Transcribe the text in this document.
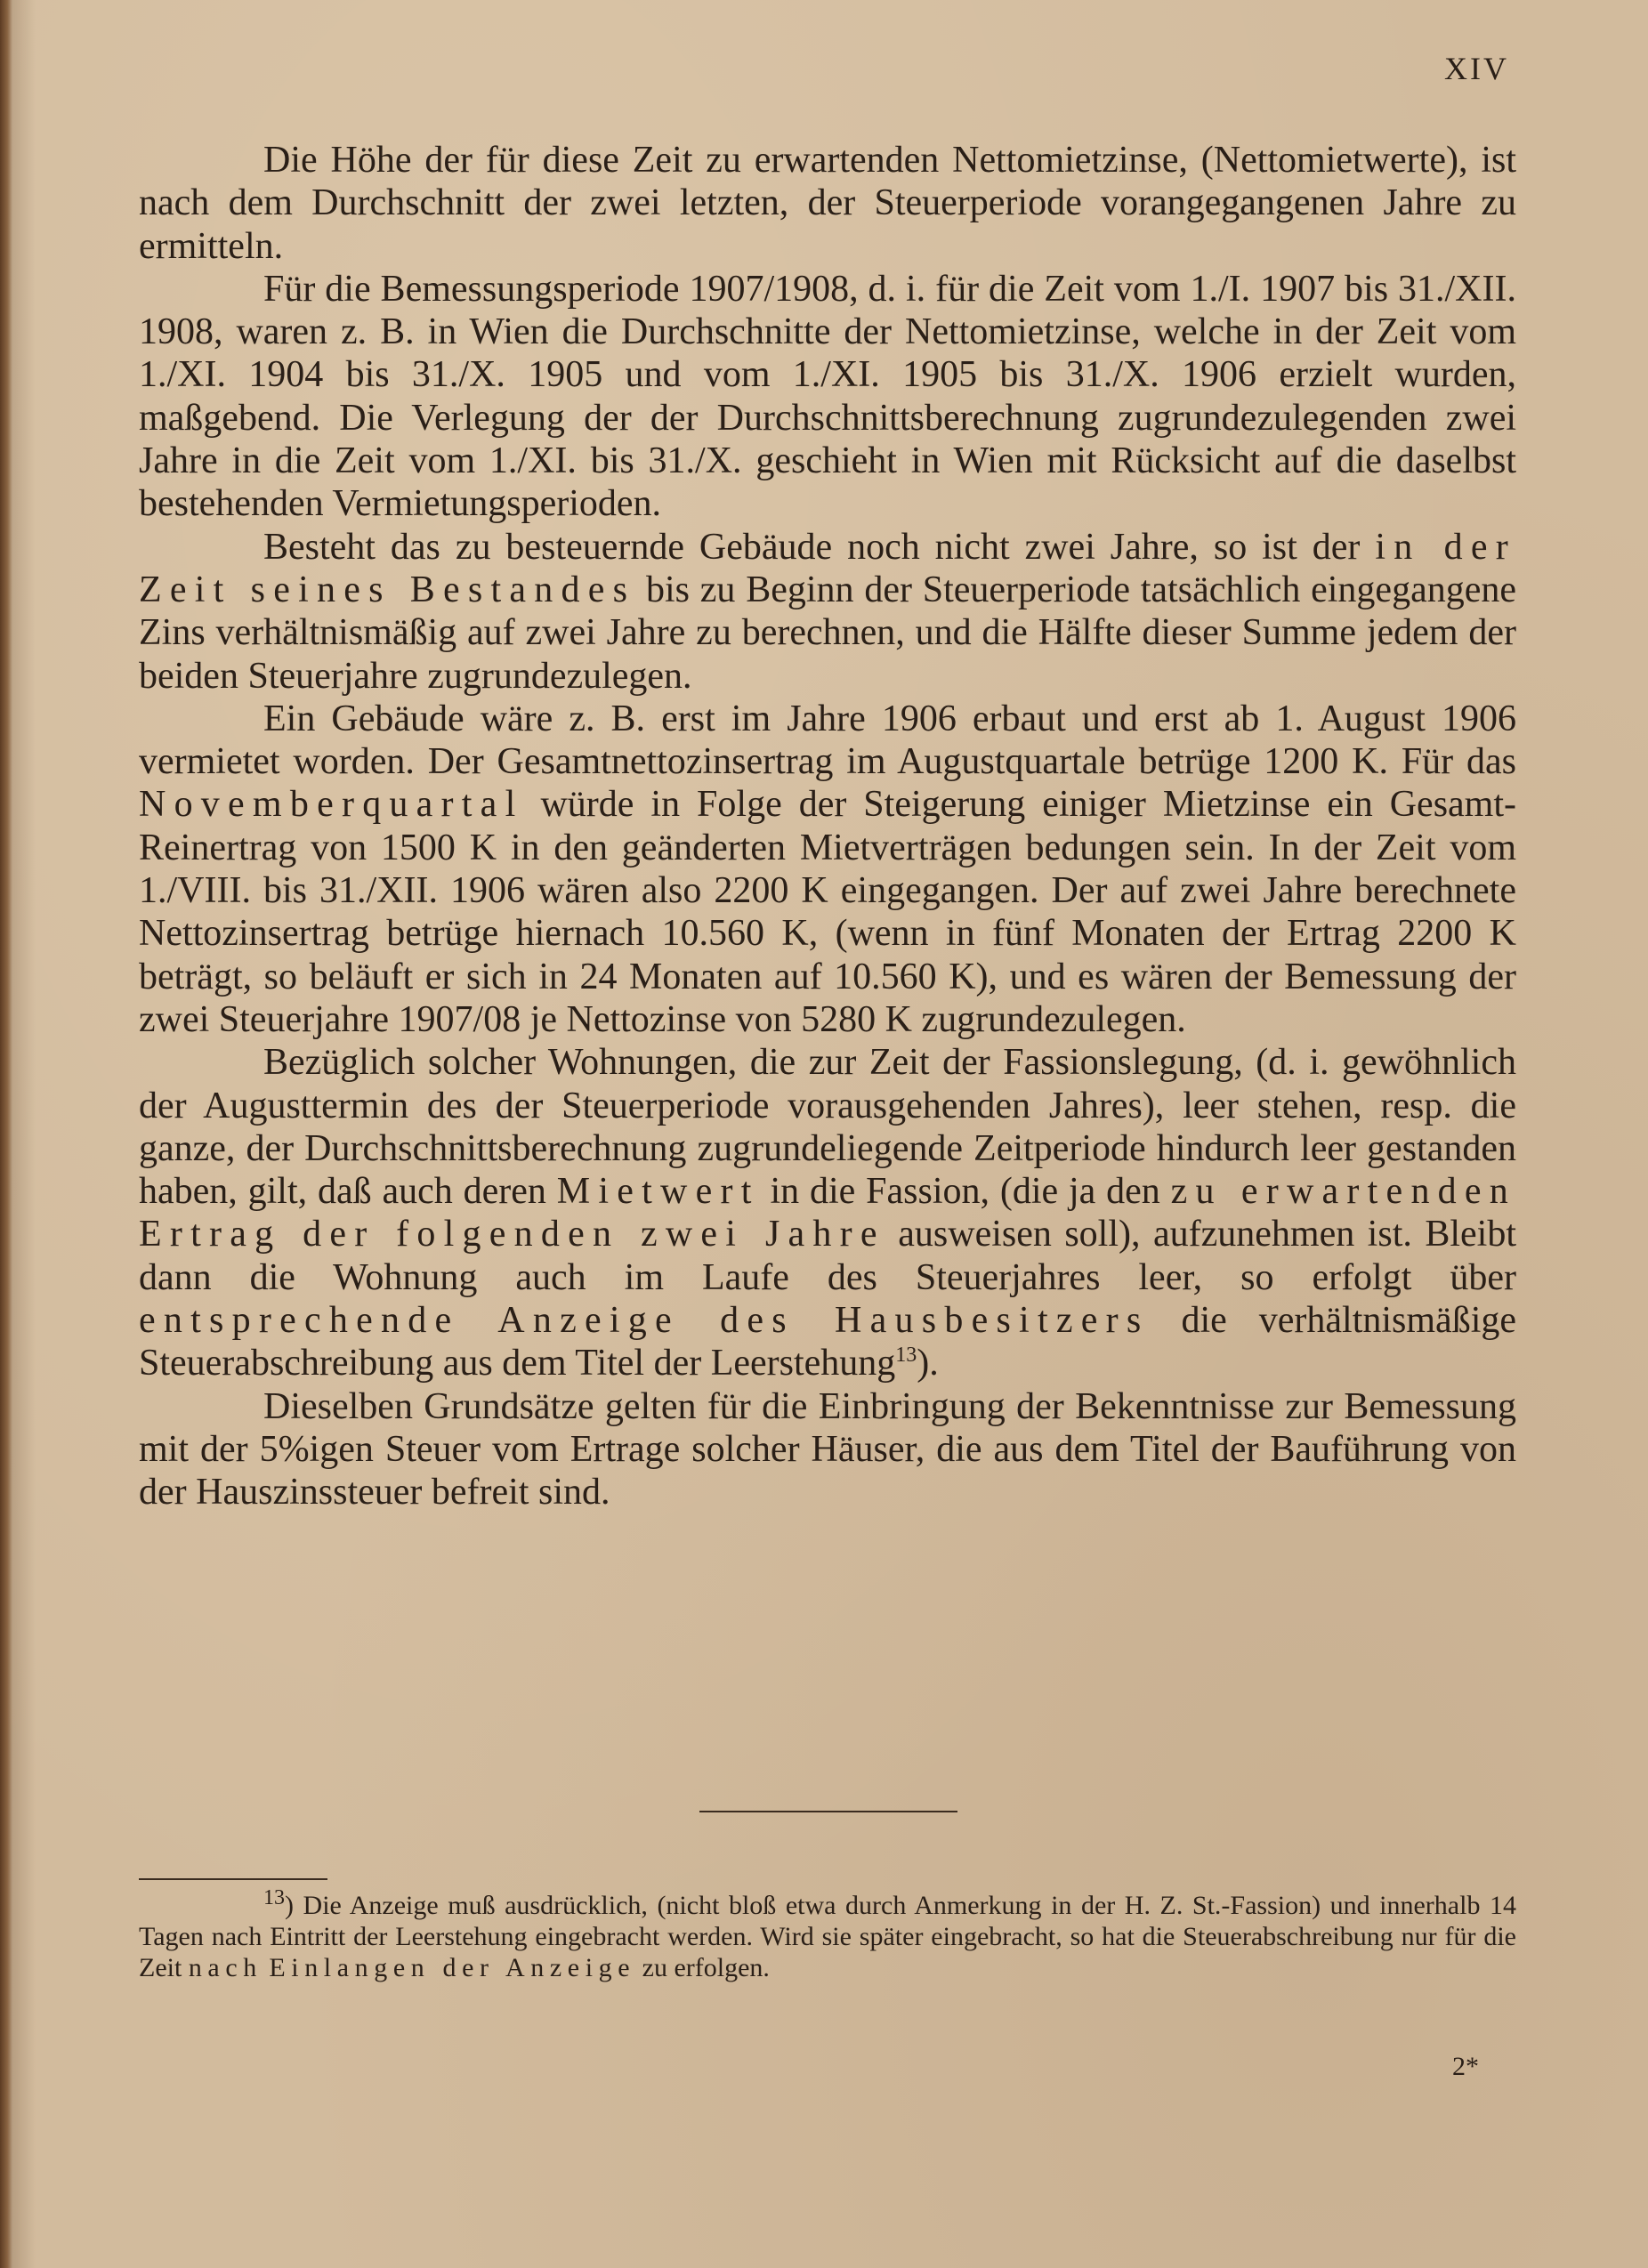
XIV

Die Höhe der für diese Zeit zu erwartenden Nettomietzinse, (Nettomietwerte), ist nach dem Durchschnitt der zwei letzten, der Steuerperiode vorangegangenen Jahre zu ermitteln.

Für die Bemessungsperiode 1907/1908, d. i. für die Zeit vom 1./I. 1907 bis 31./XII. 1908, waren z. B. in Wien die Durchschnitte der Nettomietzinse, welche in der Zeit vom 1./XI. 1904 bis 31./X. 1905 und vom 1./XI. 1905 bis 31./X. 1906 erzielt wurden, maßgebend. Die Verlegung der der Durchschnittsberechnung zugrundezulegenden zwei Jahre in die Zeit vom 1./XI. bis 31./X. geschieht in Wien mit Rücksicht auf die daselbst bestehenden Vermietungsperioden.

Besteht das zu besteuernde Gebäude noch nicht zwei Jahre, so ist der in der Zeit seines Bestandes bis zu Beginn der Steuerperiode tatsächlich eingegangene Zins verhältnismäßig auf zwei Jahre zu berechnen, und die Hälfte dieser Summe jedem der beiden Steuerjahre zugrundezulegen.

Ein Gebäude wäre z. B. erst im Jahre 1906 erbaut und erst ab 1. August 1906 vermietet worden. Der Gesamtnettozinsertrag im Augustquartale betrüge 1200 K. Für das Novemberquartal würde in Folge der Steigerung einiger Mietzinse ein Gesamt-Reinertrag von 1500 K in den geänderten Mietverträgen bedungen sein. In der Zeit vom 1./VIII. bis 31./XII. 1906 wären also 2200 K eingegangen. Der auf zwei Jahre berechnete Nettozinsertrag betrüge hiernach 10.560 K, (wenn in fünf Monaten der Ertrag 2200 K beträgt, so beläuft er sich in 24 Monaten auf 10.560 K), und es wären der Bemessung der zwei Steuerjahre 1907/08 je Nettozinse von 5280 K zugrundezulegen.

Bezüglich solcher Wohnungen, die zur Zeit der Fassionslegung, (d. i. gewöhnlich der Augusttermin des der Steuerperiode vorausgehenden Jahres), leer stehen, resp. die ganze, der Durchschnittsberechnung zugrundeliegende Zeitperiode hindurch leer gestanden haben, gilt, daß auch deren Mietwert in die Fassion, (die ja den zu erwartenden Ertrag der folgenden zwei Jahre ausweisen soll), aufzunehmen ist. Bleibt dann die Wohnung auch im Laufe des Steuerjahres leer, so erfolgt über entsprechende Anzeige des Hausbesitzers die verhältnismäßige Steuerabschreibung aus dem Titel der Leerstehung$^{13}$).

Dieselben Grundsätze gelten für die Einbringung der Bekenntnisse zur Bemessung mit der 5%igen Steuer vom Ertrage solcher Häuser, die aus dem Titel der Bauführung von der Hauszinssteuer befreit sind.

$^{13}$) Die Anzeige muß ausdrücklich, (nicht bloß etwa durch Anmerkung in der H. Z. St.-Fassion) und innerhalb 14 Tagen nach Eintritt der Leerstehung eingebracht werden. Wird sie später eingebracht, so hat die Steuerabschreibung nur für die Zeit nach Einlangen der Anzeige zu erfolgen.

2*
